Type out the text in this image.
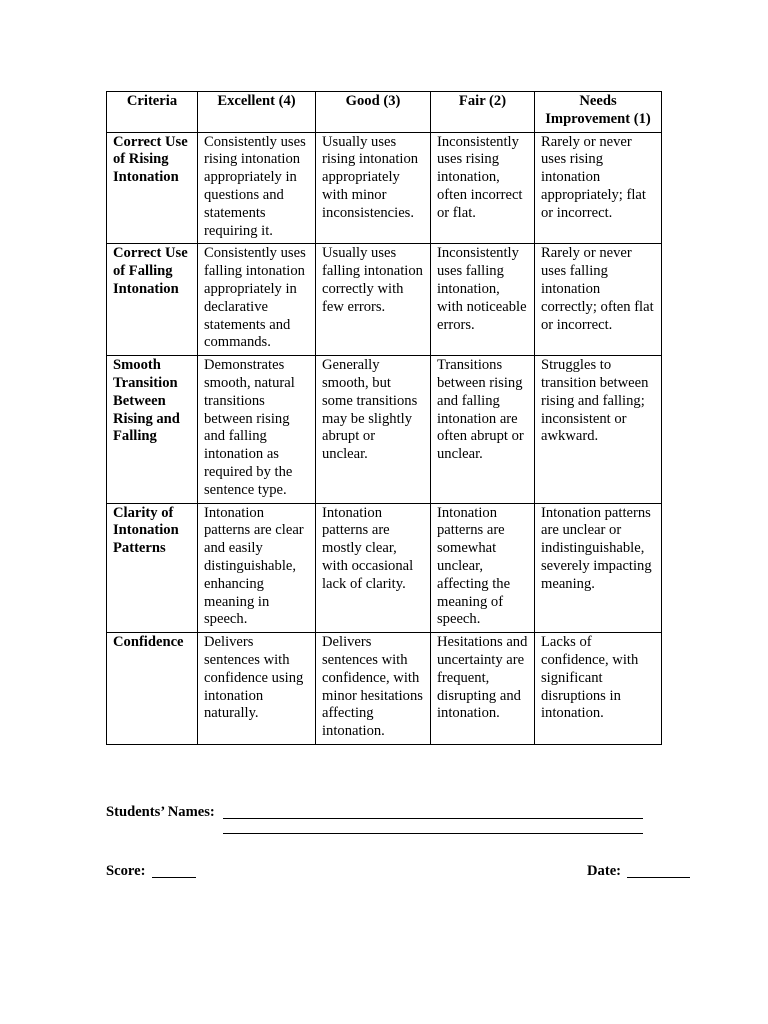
Criteria	Excellent (4)	Good (3)	Fair (2)	Needs Improvement (1)
Correct Use of Rising Intonation	Consistently uses rising intonation appropriately in questions and statements requiring it.	Usually uses rising intonation appropriately with minor inconsistencies.	Inconsistently uses rising intonation, often incorrect or flat.	Rarely or never uses rising intonation appropriately; flat or incorrect.
Correct Use of Falling Intonation	Consistently uses falling intonation appropriately in declarative statements and commands.	Usually uses falling intonation correctly with few errors.	Inconsistently uses falling intonation, with noticeable errors.	Rarely or never uses falling intonation correctly; often flat or incorrect.
Smooth Transition Between Rising and Falling	Demonstrates smooth, natural transitions between rising and falling intonation as required by the sentence type.	Generally smooth, but some transitions may be slightly abrupt or unclear.	Transitions between rising and falling intonation are often abrupt or unclear.	Struggles to transition between rising and falling; inconsistent or awkward.
Clarity of Intonation Patterns	Intonation patterns are clear and easily distinguishable, enhancing meaning in speech.	Intonation patterns are mostly clear, with occasional lack of clarity.	Intonation patterns are somewhat unclear, affecting the meaning of speech.	Intonation patterns are unclear or indistinguishable, severely impacting meaning.
Confidence	Delivers sentences with confidence using intonation naturally.	Delivers sentences with confidence, with minor hesitations affecting intonation.	Hesitations and uncertainty are frequent, disrupting and intonation.	Lacks of confidence, with significant disruptions in intonation.
Students’ Names:
Score:	Date:
